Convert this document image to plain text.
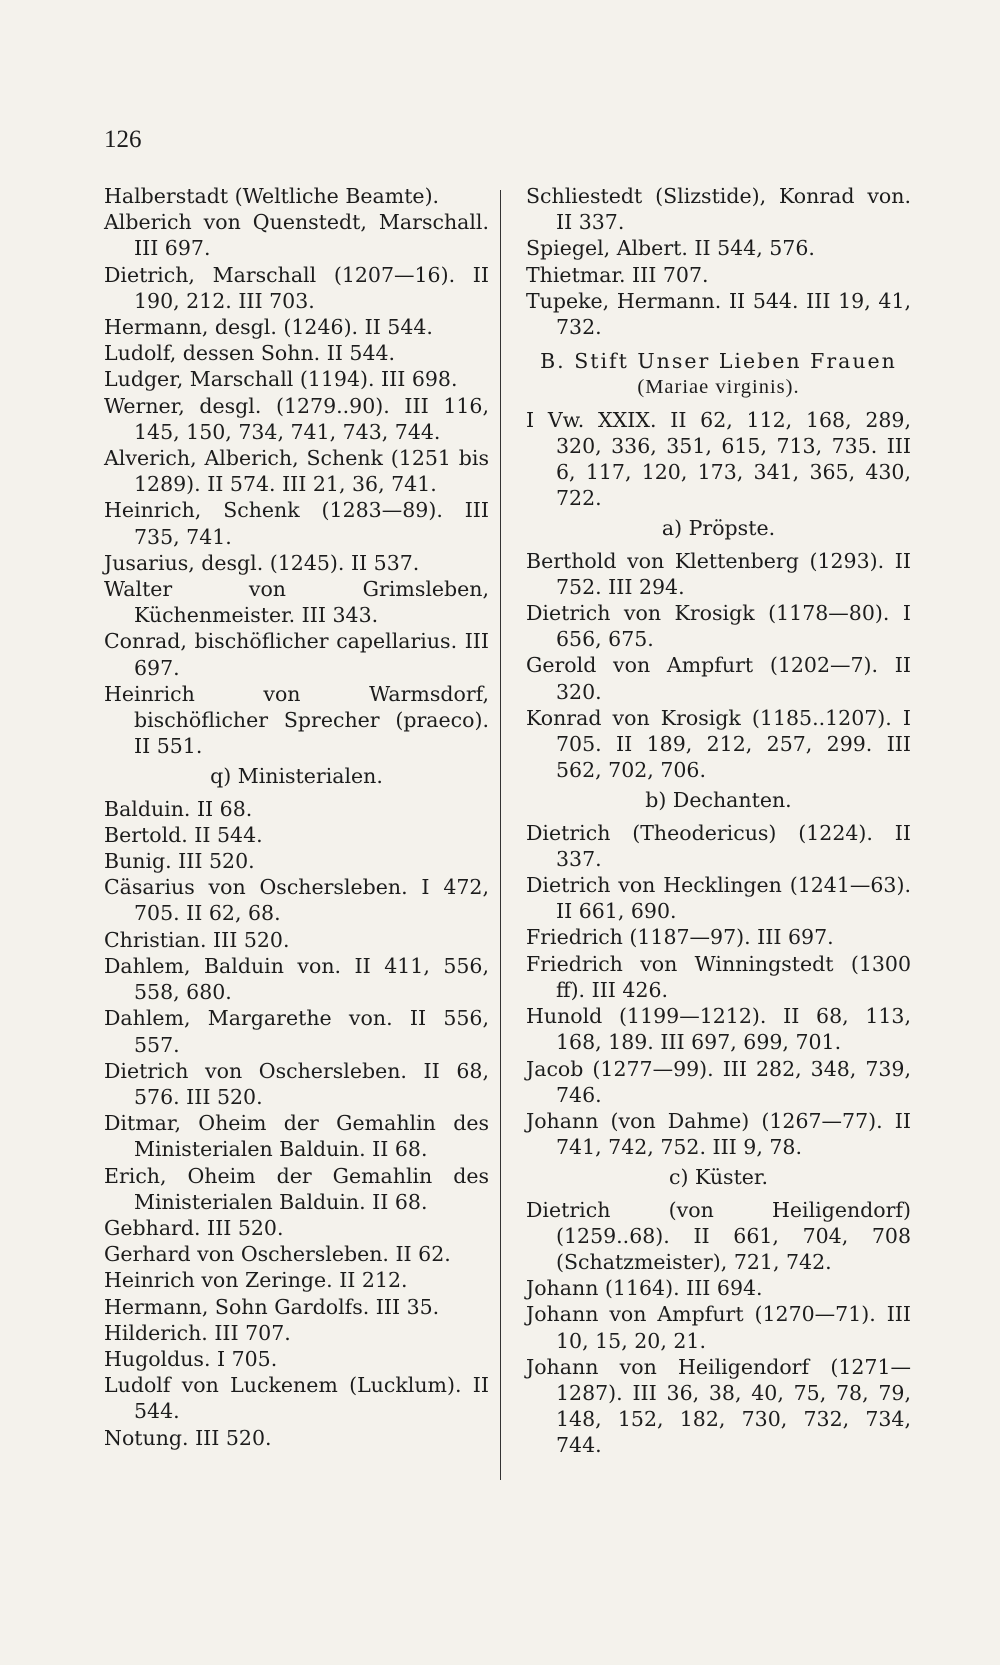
126
Halberstadt (Weltliche Beamte).
Alberich von Quenstedt, Marschall. III 697.
Dietrich, Marschall (1207—16). II 190, 212. III 703.
Hermann, desgl. (1246). II 544.
Ludolf, dessen Sohn. II 544.
Ludger, Marschall (1194). III 698.
Werner, desgl. (1279..90). III 116, 145, 150, 734, 741, 743, 744.
Alverich, Alberich, Schenk (1251 bis 1289). II 574. III 21, 36, 741.
Heinrich, Schenk (1283—89). III 735, 741.
Jusarius, desgl. (1245). II 537.
Walter von Grimsleben, Küchenmeister. III 343.
Conrad, bischöflicher capellarius. III 697.
Heinrich von Warmsdorf, bischöflicher Sprecher (praeco). II 551.
q) Ministerialen.
Balduin. II 68.
Bertold. II 544.
Bunig. III 520.
Cäsarius von Oschersleben. I 472, 705. II 62, 68.
Christian. III 520.
Dahlem, Balduin von. II 411, 556, 558, 680.
Dahlem, Margarethe von. II 556, 557.
Dietrich von Oschersleben. II 68, 576. III 520.
Ditmar, Oheim der Gemahlin des Ministerialen Balduin. II 68.
Erich, Oheim der Gemahlin des Ministerialen Balduin. II 68.
Gebhard. III 520.
Gerhard von Oschersleben. II 62.
Heinrich von Zeringe. II 212.
Hermann, Sohn Gardolfs. III 35.
Hilderich. III 707.
Hugoldus. I 705.
Ludolf von Luckenem (Lucklum). II 544.
Notung. III 520.
Schliestedt (Slizstide), Konrad von. II 337.
Spiegel, Albert. II 544, 576.
Thietmar. III 707.
Tupeke, Hermann. II 544. III 19, 41, 732.
B. Stift Unser Lieben Frauen
(Mariae virginis).
I Vw. XXIX. II 62, 112, 168, 289, 320, 336, 351, 615, 713, 735. III 6, 117, 120, 173, 341, 365, 430, 722.
a) Pröpste.
Berthold von Klettenberg (1293). II 752. III 294.
Dietrich von Krosigk (1178—80). I 656, 675.
Gerold von Ampfurt (1202—7). II 320.
Konrad von Krosigk (1185..1207). I 705. II 189, 212, 257, 299. III 562, 702, 706.
b) Dechanten.
Dietrich (Theodericus) (1224). II 337.
Dietrich von Hecklingen (1241—63). II 661, 690.
Friedrich (1187—97). III 697.
Friedrich von Winningstedt (1300 ff). III 426.
Hunold (1199—1212). II 68, 113, 168, 189. III 697, 699, 701.
Jacob (1277—99). III 282, 348, 739, 746.
Johann (von Dahme) (1267—77). II 741, 742, 752. III 9, 78.
c) Küster.
Dietrich (von Heiligendorf) (1259..68). II 661, 704, 708 (Schatzmeister), 721, 742.
Johann (1164). III 694.
Johann von Ampfurt (1270—71). III 10, 15, 20, 21.
Johann von Heiligendorf (1271—1287). III 36, 38, 40, 75, 78, 79, 148, 152, 182, 730, 732, 734, 744.
